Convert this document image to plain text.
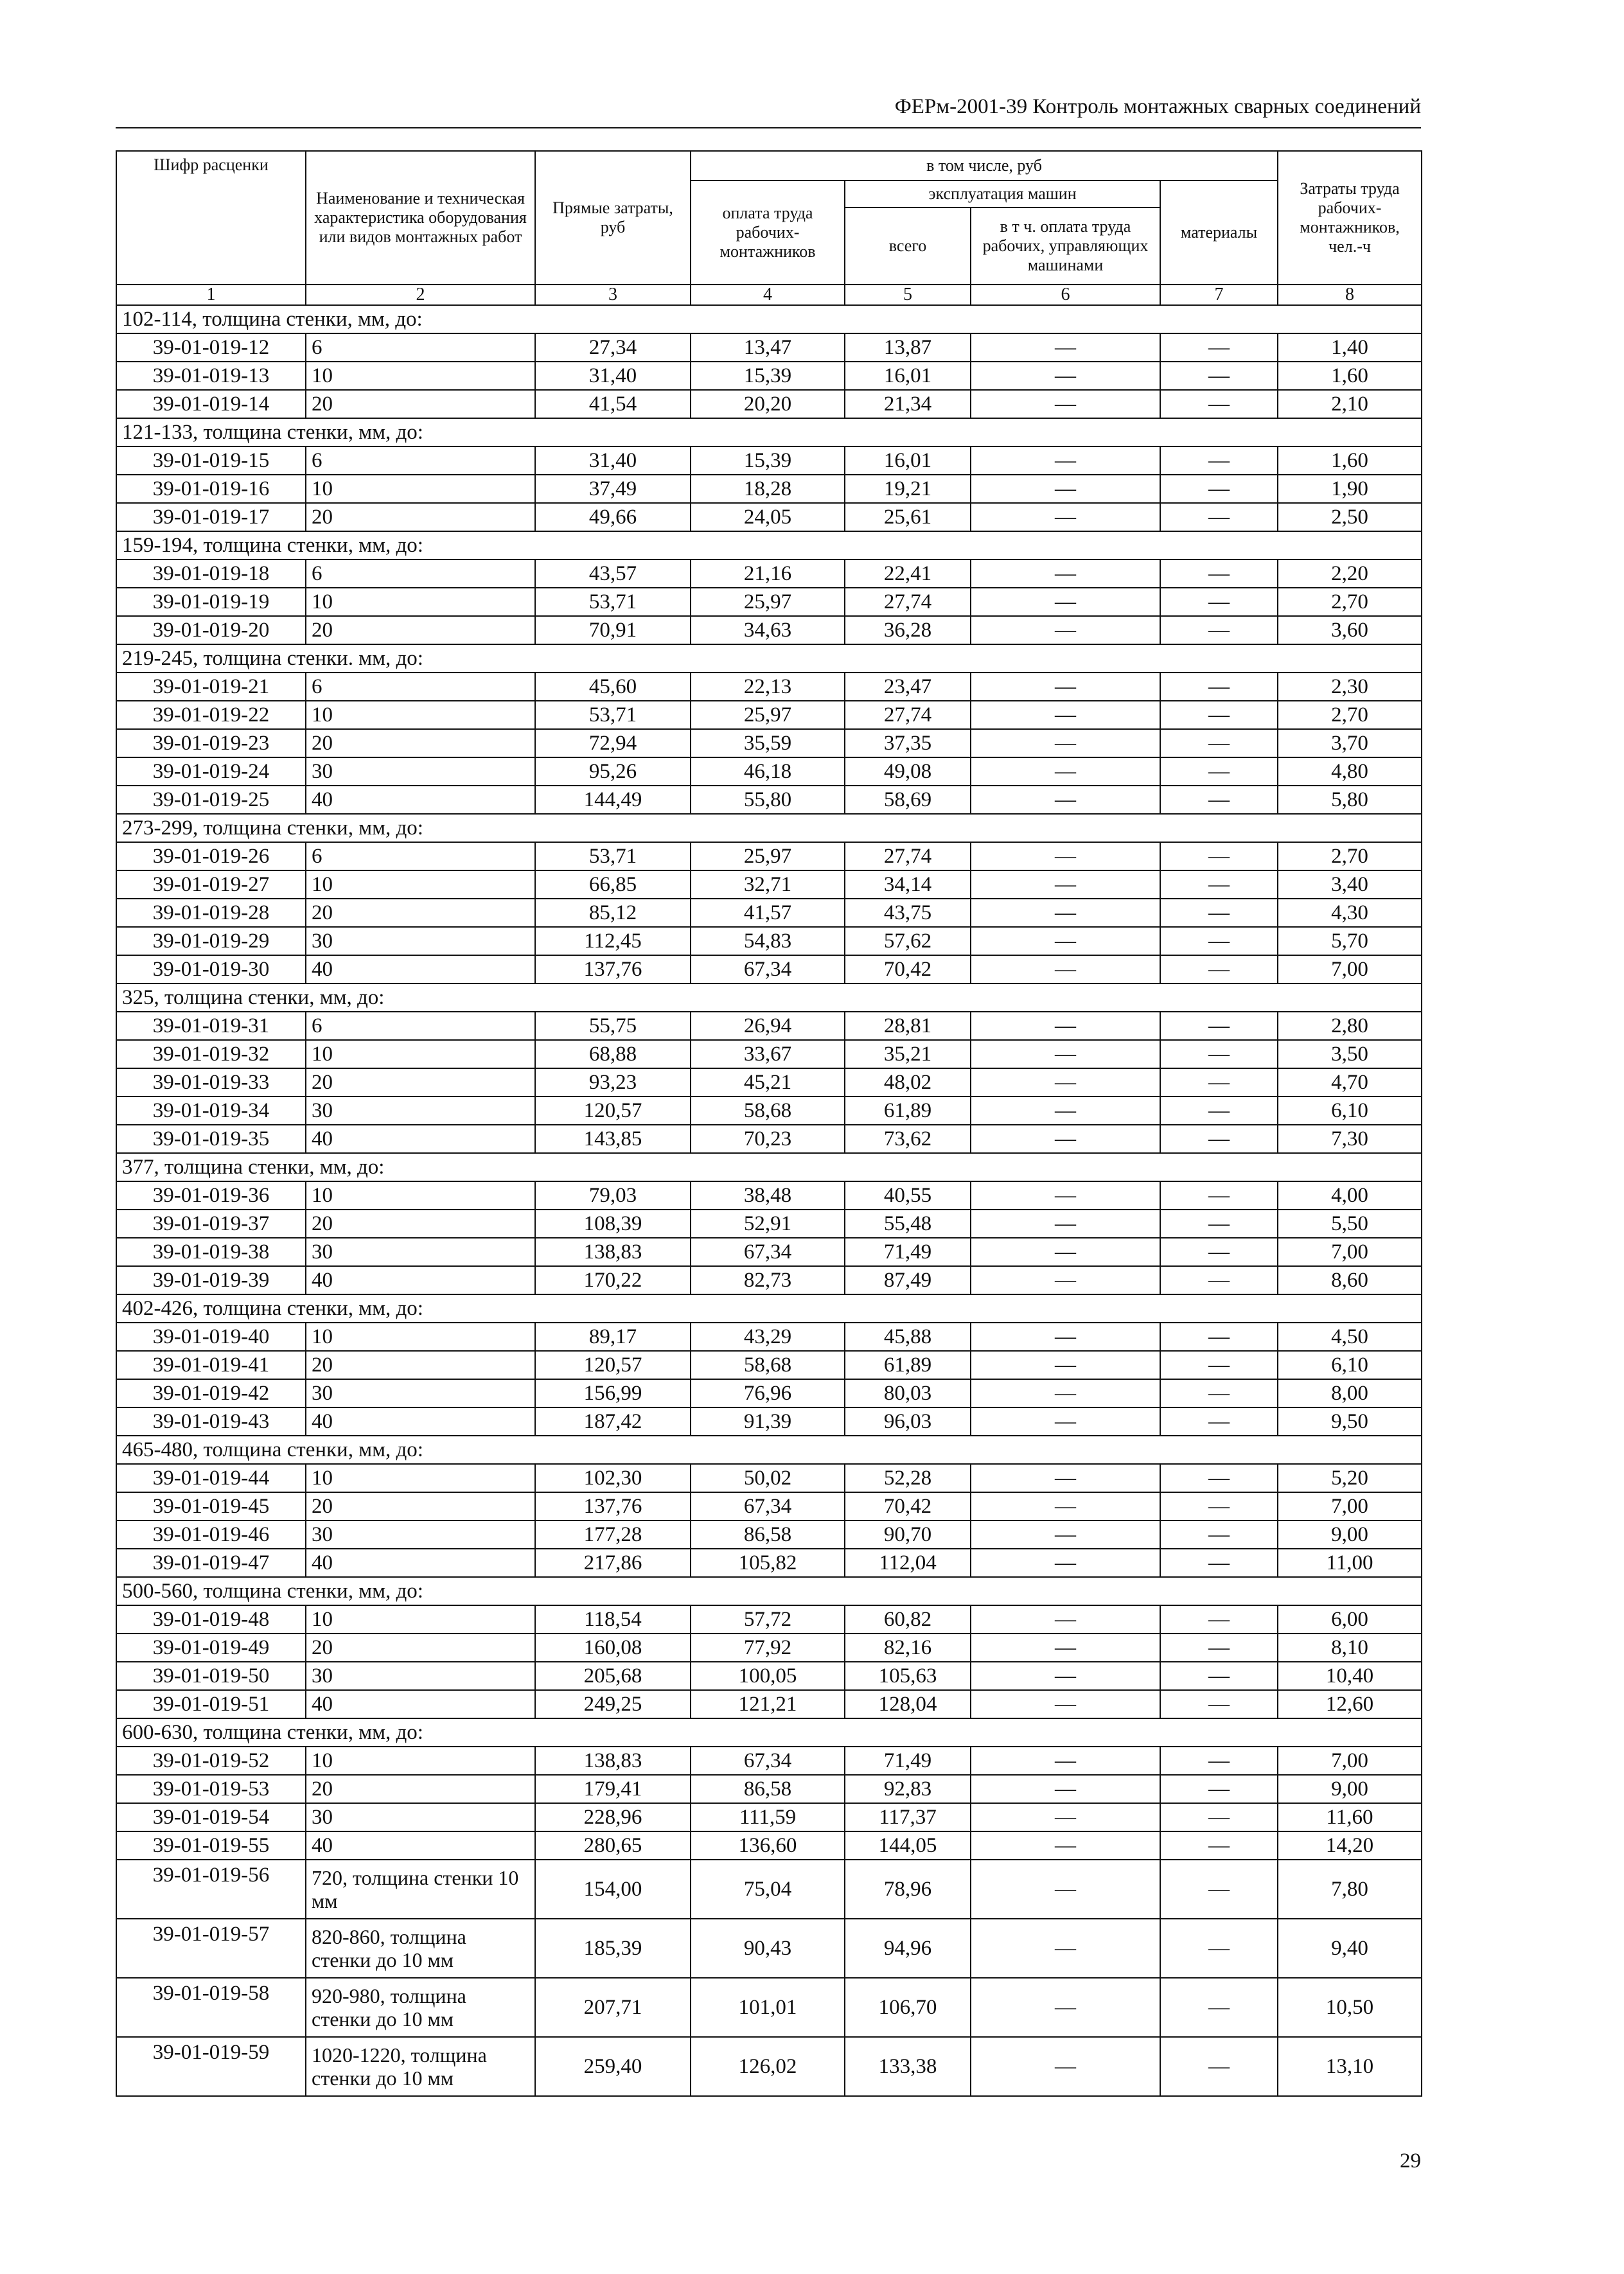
ФЕРм-2001-39 Контроль монтажных сварных соединений
Шифр расценки	Наименование и техническая характеристика оборудования или видов монтажных работ	Прямые затраты, руб	в том числе, руб				Затраты труда рабочих-монтажников, чел.-ч
			оплата труда рабочих-монтажников	эксплуатация машин		материалы	
				всего	в т ч. оплата труда рабочих, управляющих машинами		
1	2	3	4	5	6	7	8
102-114, толщина стенки, мм, до:							
39-01-019-12	6	27,34	13,47	13,87	—	—	1,40
39-01-019-13	10	31,40	15,39	16,01	—	—	1,60
39-01-019-14	20	41,54	20,20	21,34	—	—	2,10
121-133, толщина стенки, мм, до:							
39-01-019-15	6	31,40	15,39	16,01	—	—	1,60
39-01-019-16	10	37,49	18,28	19,21	—	—	1,90
39-01-019-17	20	49,66	24,05	25,61	—	—	2,50
159-194, толщина стенки, мм, до:							
39-01-019-18	6	43,57	21,16	22,41	—	—	2,20
39-01-019-19	10	53,71	25,97	27,74	—	—	2,70
39-01-019-20	20	70,91	34,63	36,28	—	—	3,60
219-245, толщина стенки. мм, до:							
39-01-019-21	6	45,60	22,13	23,47	—	—	2,30
39-01-019-22	10	53,71	25,97	27,74	—	—	2,70
39-01-019-23	20	72,94	35,59	37,35	—	—	3,70
39-01-019-24	30	95,26	46,18	49,08	—	—	4,80
39-01-019-25	40	144,49	55,80	58,69	—	—	5,80
273-299, толщина стенки, мм, до:							
39-01-019-26	6	53,71	25,97	27,74	—	—	2,70
39-01-019-27	10	66,85	32,71	34,14	—	—	3,40
39-01-019-28	20	85,12	41,57	43,75	—	—	4,30
39-01-019-29	30	112,45	54,83	57,62	—	—	5,70
39-01-019-30	40	137,76	67,34	70,42	—	—	7,00
325, толщина стенки, мм, до:							
39-01-019-31	6	55,75	26,94	28,81	—	—	2,80
39-01-019-32	10	68,88	33,67	35,21	—	—	3,50
39-01-019-33	20	93,23	45,21	48,02	—	—	4,70
39-01-019-34	30	120,57	58,68	61,89	—	—	6,10
39-01-019-35	40	143,85	70,23	73,62	—	—	7,30
377, толщина стенки, мм, до:							
39-01-019-36	10	79,03	38,48	40,55	—	—	4,00
39-01-019-37	20	108,39	52,91	55,48	—	—	5,50
39-01-019-38	30	138,83	67,34	71,49	—	—	7,00
39-01-019-39	40	170,22	82,73	87,49	—	—	8,60
402-426, толщина стенки, мм, до:							
39-01-019-40	10	89,17	43,29	45,88	—	—	4,50
39-01-019-41	20	120,57	58,68	61,89	—	—	6,10
39-01-019-42	30	156,99	76,96	80,03	—	—	8,00
39-01-019-43	40	187,42	91,39	96,03	—	—	9,50
465-480, толщина стенки, мм, до:							
39-01-019-44	10	102,30	50,02	52,28	—	—	5,20
39-01-019-45	20	137,76	67,34	70,42	—	—	7,00
39-01-019-46	30	177,28	86,58	90,70	—	—	9,00
39-01-019-47	40	217,86	105,82	112,04	—	—	11,00
500-560, толщина стенки, мм, до:							
39-01-019-48	10	118,54	57,72	60,82	—	—	6,00
39-01-019-49	20	160,08	77,92	82,16	—	—	8,10
39-01-019-50	30	205,68	100,05	105,63	—	—	10,40
39-01-019-51	40	249,25	121,21	128,04	—	—	12,60
600-630, толщина стенки, мм, до:							
39-01-019-52	10	138,83	67,34	71,49	—	—	7,00
39-01-019-53	20	179,41	86,58	92,83	—	—	9,00
39-01-019-54	30	228,96	111,59	117,37	—	—	11,60
39-01-019-55	40	280,65	136,60	144,05	—	—	14,20
39-01-019-56	720, толщина стенки 10 мм	154,00	75,04	78,96	—	—	7,80
39-01-019-57	820-860, толщина стенки до 10 мм	185,39	90,43	94,96	—	—	9,40
39-01-019-58	920-980, толщина стенки до 10 мм	207,71	101,01	106,70	—	—	10,50
39-01-019-59	1020-1220, толщина стенки до 10 мм	259,40	126,02	133,38	—	—	13,10
29
